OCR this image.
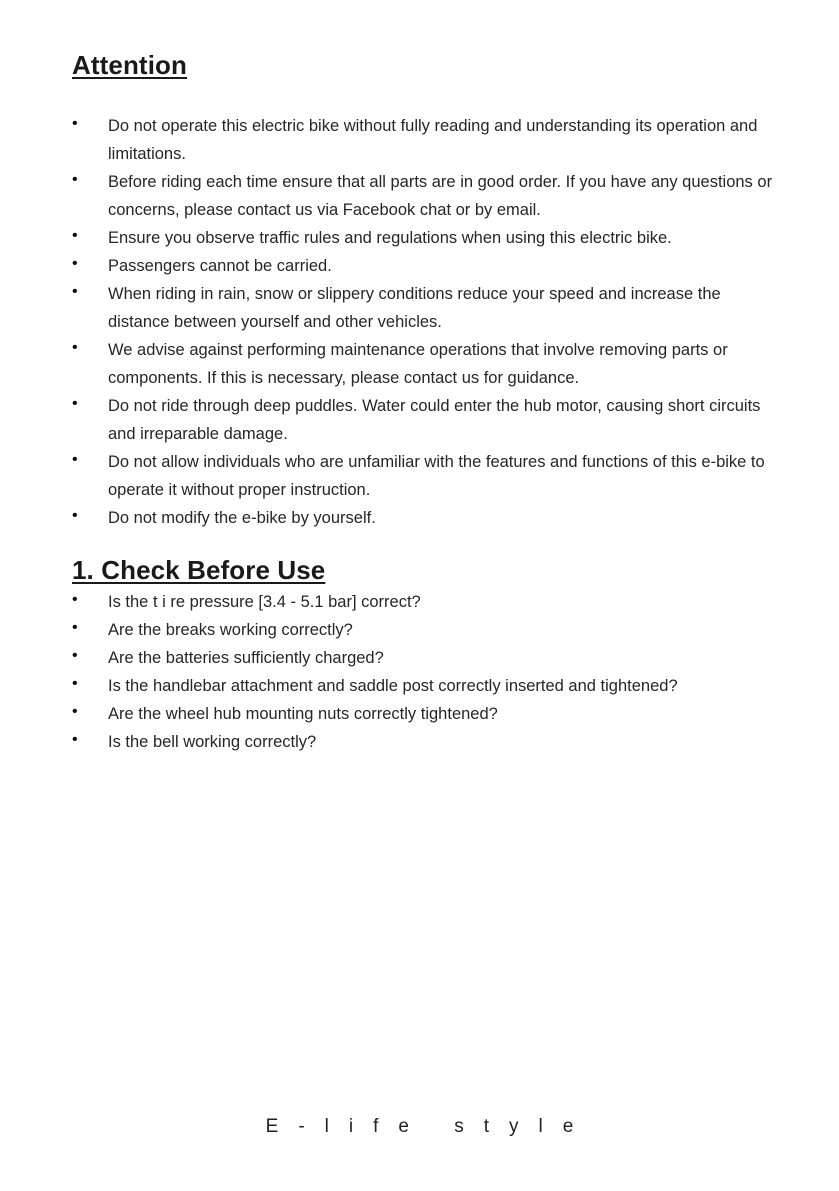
Attention
• Do not operate this electric bike without fully reading and understanding its operation and limitations.
• Before riding each time ensure that all parts are in good order. If you have any questions or concerns, please contact us via Facebook chat or by email.
• Ensure you observe traffic rules and regulations when using this electric bike.
• Passengers cannot be carried.
• When riding in rain, snow or slippery conditions reduce your speed and increase the distance between yourself and other vehicles.
• We advise against performing maintenance operations that involve removing parts or components. If this is necessary, please contact us for guidance.
• Do not ride through deep puddles. Water could enter the hub motor, causing short circuits and irreparable damage.
• Do not allow individuals who are unfamiliar with the features and functions of this e-bike to operate it without proper instruction.
• Do not modify the e-bike by yourself.
1. Check Before Use
• Is the t i re pressure [3.4 - 5.1 bar] correct?
• Are the breaks working correctly?
• Are the batteries sufficiently charged?
• Is the handlebar attachment and saddle post correctly inserted and tightened?
• Are the wheel hub mounting nuts correctly tightened?
• Is the bell working correctly?
E-life style
